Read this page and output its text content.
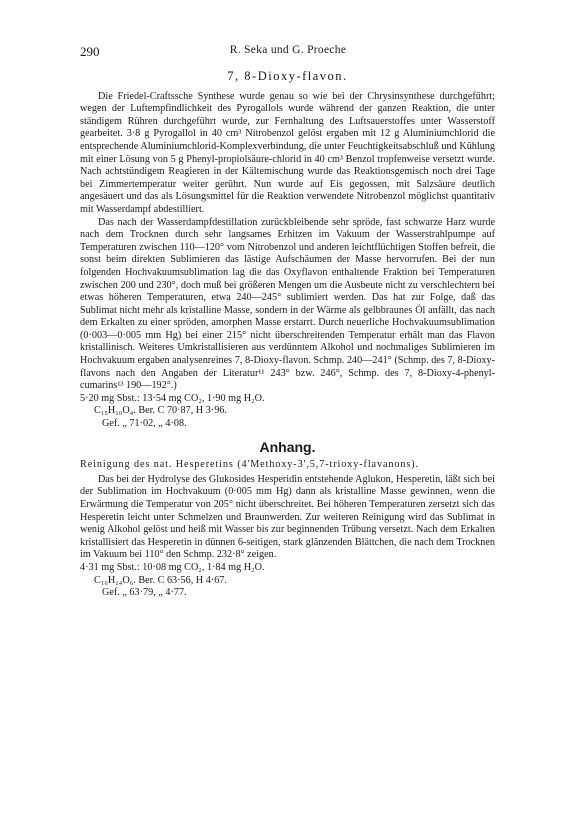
290	R. Seka und G. Proeche
7, 8-Dioxy-flavon.

Die Friedel-Craftssche Synthese wurde genau so wie bei der Chrysinsynthese durchgeführt; wegen der Luftempfindlichkeit des Pyrogallols wurde während der ganzen Reaktion, die unter ständigem Rühren durchgeführt wurde, zur Fernhaltung des Luftsauerstoffes unter Wasserstoff gearbeitet. 3·8 g Pyrogallol in 40 cm³ Nitrobenzol gelöst ergaben mit 12 g Aluminiumchlorid die entsprechende Aluminiumchlorid-Komplexverbindung, die unter Feuchtigkeitsabschluß und Kühlung mit einer Lösung von 5 g Phenyl-propiolsäure-chlorid in 40 cm³ Benzol tropfenweise versetzt wurde. Nach achtstündigem Reagieren in der Kältemischung wurde das Reaktionsgemisch noch drei Tage bei Zimmertemperatur weiter gerührt. Nun wurde auf Eis gegossen, mit Salzsäure deutlich angesäuert und das als Lösungsmittel für die Reaktion verwendete Nitrobenzol möglichst quantitativ mit Wasserdampf abdestilliert.

Das nach der Wasserdampfdestillation zurückbleibende sehr spröde, fast schwarze Harz wurde nach dem Trocknen durch sehr langsames Erhitzen im Vakuum der Wasserstrahlpumpe auf Temperaturen zwischen 110—120° vom Nitrobenzol und anderen leichtflüchtigen Stoffen befreit, die sonst beim direkten Sublimieren das lästige Aufschäumen der Masse hervorrufen. Bei der nun folgenden Hochvakuumsublimation lag die das Oxyflavon enthaltende Fraktion bei Temperaturen zwischen 200 und 230°, doch muß bei größeren Mengen um die Ausbeute nicht zu verschlechtern bei etwas höheren Temperaturen, etwa 240—245° sublimiert werden. Das hat zur Folge, daß das Sublimat nicht mehr als kristalline Masse, sondern in der Wärme als gelbbraunes Öl anfällt, das nach dem Erkalten zu einer spröden, amorphen Masse erstarrt. Durch neuerliche Hochvakuumsublimation (0·003—0·005 mm Hg) bei einer 215° nicht überschreitenden Temperatur erhält man das Flavon kristallinisch. Weiteres Umkristallisieren aus verdünntem Alkohol und nochmaliges Sublimieren im Hochvakuum ergaben analysenreines 7, 8-Dioxy-flavon. Schmp. 240—241° (Schmp. des 7, 8-Dioxy-flavons nach den Angaben der Literatur¹¹ 243° bzw. 246°, Schmp. des 7, 8-Dioxy-4-phenyl-cumarins¹³ 190—192°.)

5·20 mg Sbst.: 13·54 mg CO₂, 1·90 mg H₂O.
C₁₅H₁₀O₄. Ber. C 70·87, H 3·96.
Gef. „ 71·02, „ 4·08.
Anhang.
Reinigung des nat. Hesperetins (4'Methoxy-3',5,7-trioxy-flavanons).

Das bei der Hydrolyse des Glukosides Hesperidin entstehende Aglukon, Hesperetin, läßt sich bei der Sublimation im Hochvakuum (0·005 mm Hg) dann als kristalline Masse gewinnen, wenn die Erwärmung die Temperatur von 205° nicht überschreitet. Bei höheren Temperaturen zersetzt sich das Hesperetin leicht unter Schmelzen und Braunwerden. Zur weiteren Reinigung wird das Sublimat in wenig Alkohol gelöst und heiß mit Wasser bis zur beginnenden Trübung versetzt. Nach dem Erkalten kristallisiert das Hesperetin in dünnen 6-seitigen, stark glänzenden Blättchen, die nach dem Trocknen im Vakuum bei 110° den Schmp. 232·8° zeigen.

4·31 mg Sbst.: 10·08 mg CO₂, 1·84 mg H₂O.
C₁₆H₁₄O₆. Ber. C 63·56, H 4·67.
Gef. „ 63·79, „ 4·77.
